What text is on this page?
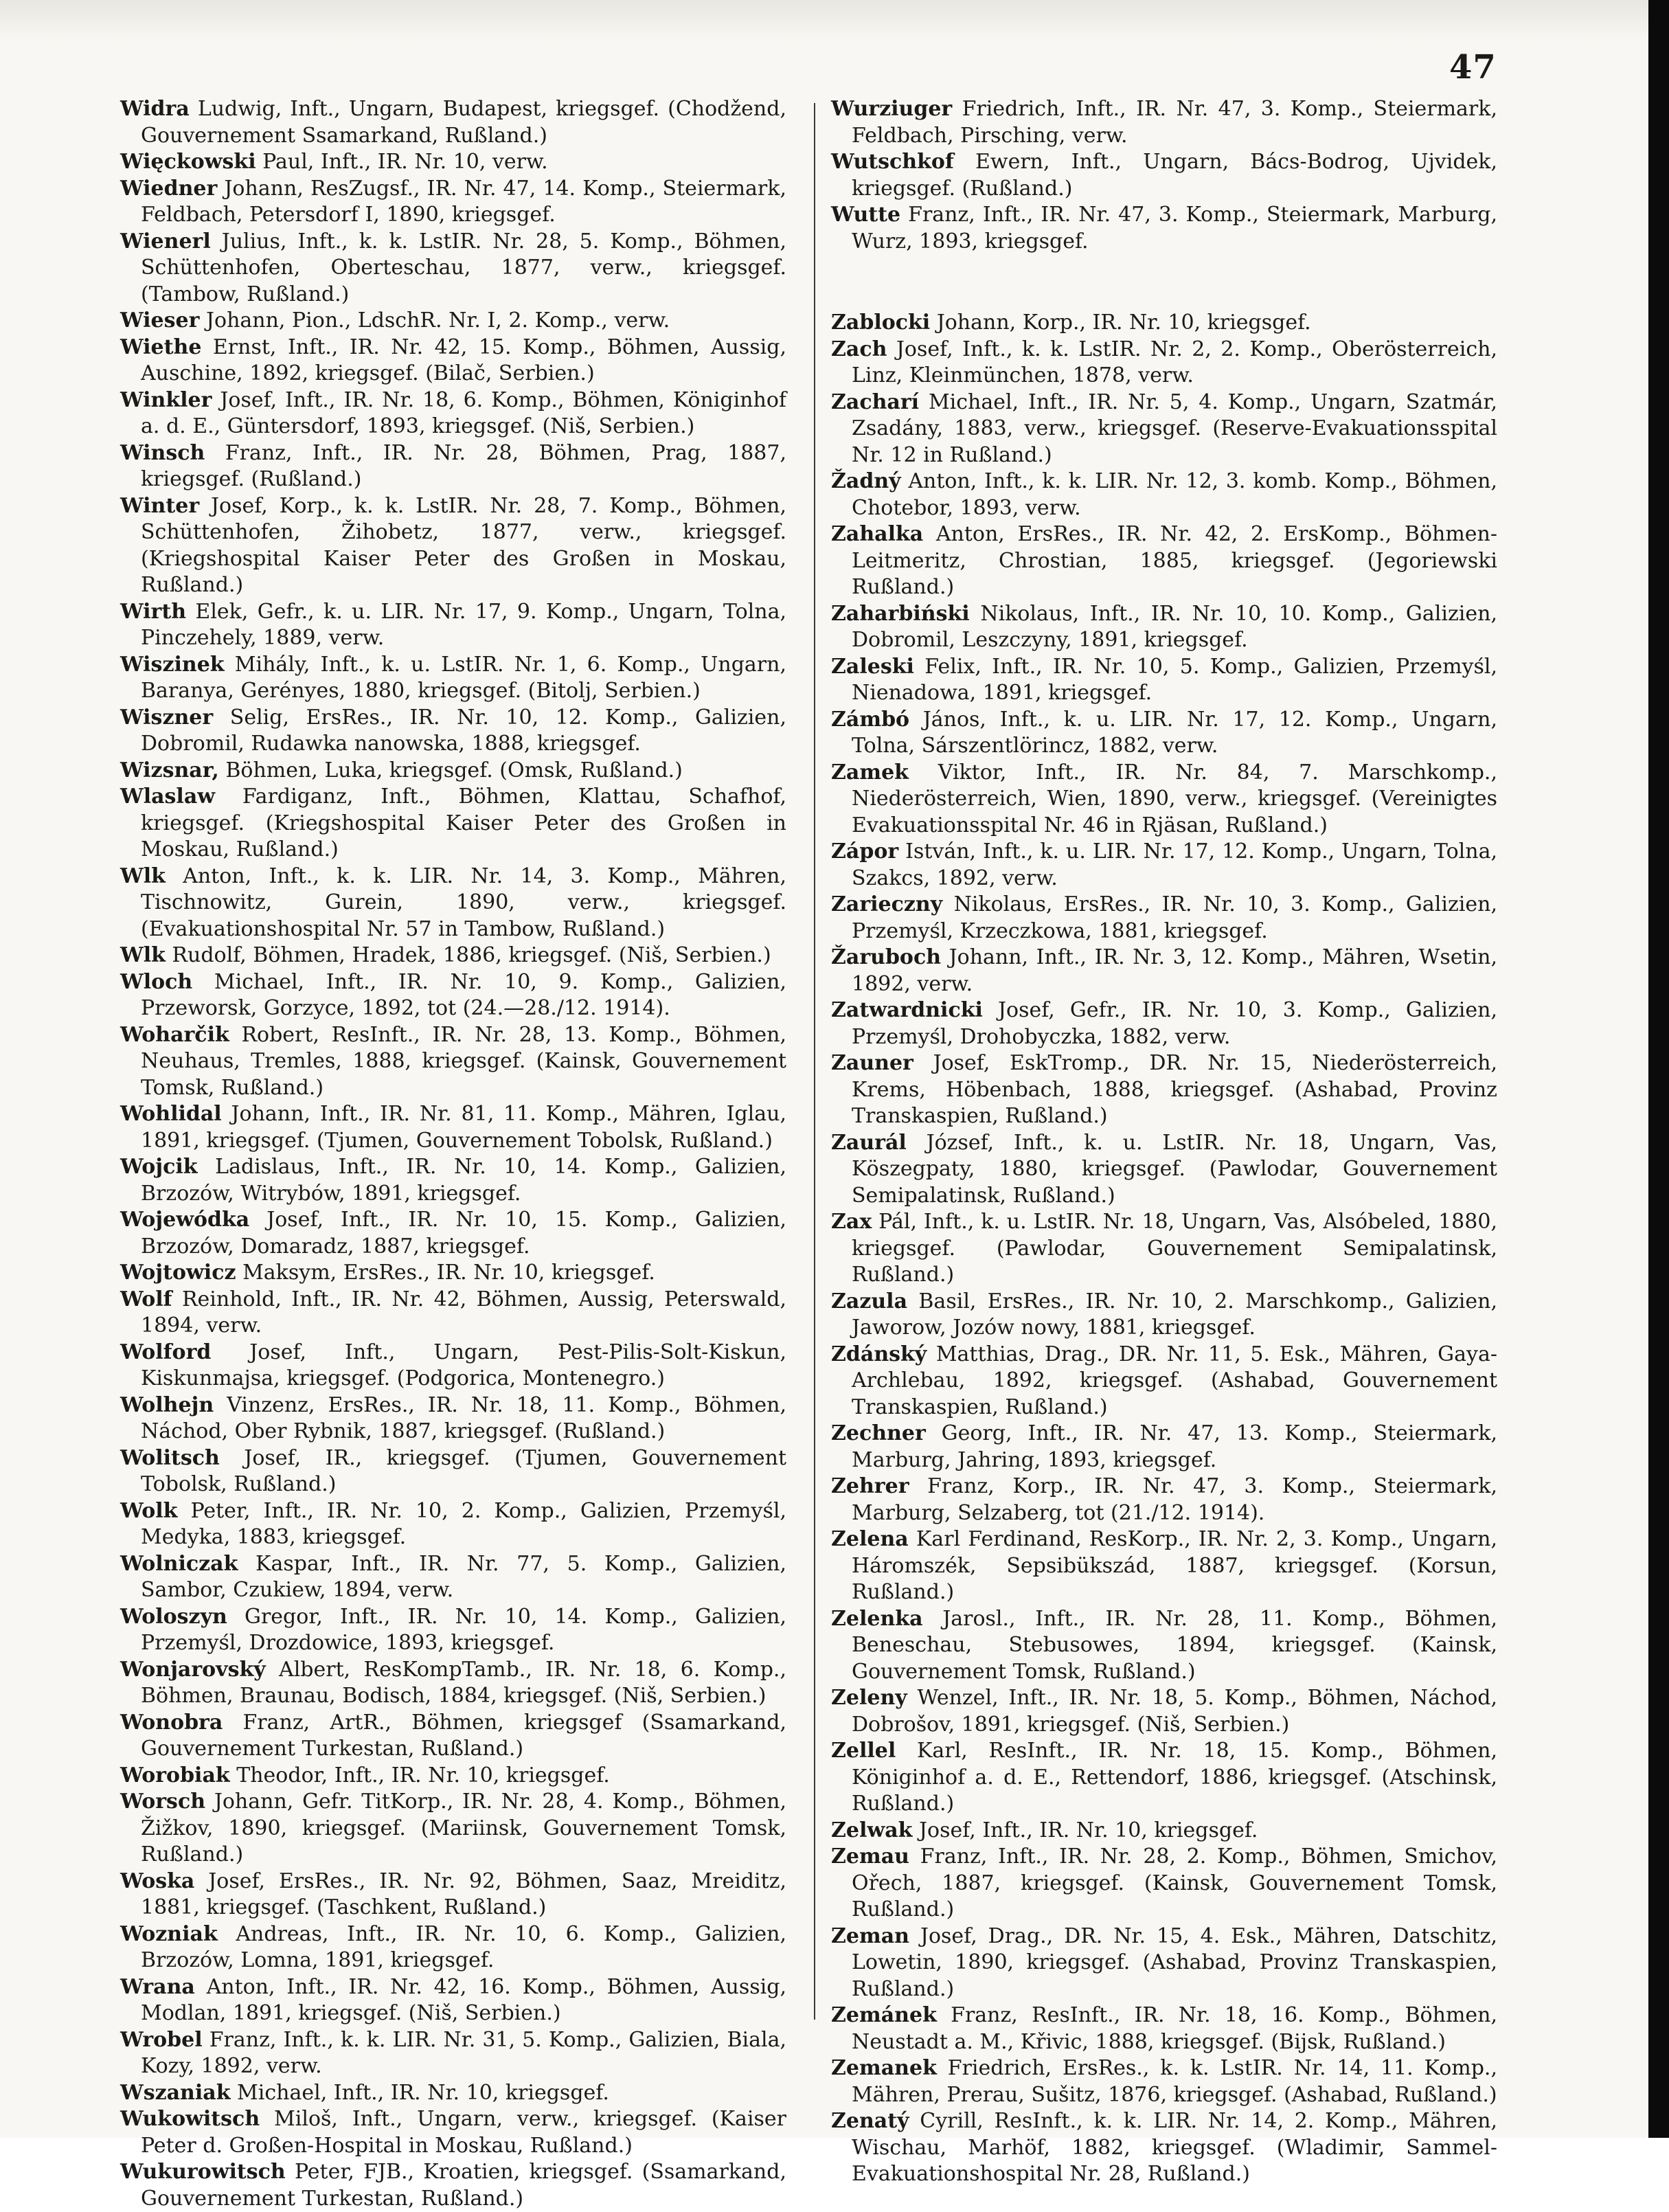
47
Widra Ludwig, Inft., Ungarn, Budapest, kriegsgef. (Chodžend, Gouvernement Ssamarkand, Rußland.)
Więckowski Paul, Inft., IR. Nr. 10, verw.
Wiedner Johann, ResZugsf., IR. Nr. 47, 14. Komp., Steiermark, Feldbach, Petersdorf I, 1890, kriegsgef.
Wienerl Julius, Inft., k. k. LstIR. Nr. 28, 5. Komp., Böhmen, Schüttenhofen, Oberteschau, 1877, verw., kriegsgef. (Tambow, Rußland.)
Wieser Johann, Pion., LdschR. Nr. I, 2. Komp., verw.
Wiethe Ernst, Inft., IR. Nr. 42, 15. Komp., Böhmen, Aussig, Auschine, 1892, kriegsgef. (Bilač, Serbien.)
Winkler Josef, Inft., IR. Nr. 18, 6. Komp., Böhmen, Königinhof a. d. E., Güntersdorf, 1893, kriegsgef. (Niš, Serbien.)
Winsch Franz, Inft., IR. Nr. 28, Böhmen, Prag, 1887, kriegsgef. (Rußland.)
Winter Josef, Korp., k. k. LstIR. Nr. 28, 7. Komp., Böhmen, Schüttenhofen, Žihobetz, 1877, verw., kriegsgef. (Kriegshospital Kaiser Peter des Großen in Moskau, Rußland.)
Wirth Elek, Gefr., k. u. LIR. Nr. 17, 9. Komp., Ungarn, Tolna, Pinczehely, 1889, verw.
Wiszinek Mihály, Inft., k. u. LstIR. Nr. 1, 6. Komp., Ungarn, Baranya, Gerényes, 1880, kriegsgef. (Bitolj, Serbien.)
Wiszner Selig, ErsRes., IR. Nr. 10, 12. Komp., Galizien, Dobromil, Rudawka nanowska, 1888, kriegsgef.
Wizsnar, Böhmen, Luka, kriegsgef. (Omsk, Rußland.)
Wlaslaw Fardiganz, Inft., Böhmen, Klattau, Schafhof, kriegsgef. (Kriegshospital Kaiser Peter des Großen in Moskau, Rußland.)
Wlk Anton, Inft., k. k. LIR. Nr. 14, 3. Komp., Mähren, Tischnowitz, Gurein, 1890, verw., kriegsgef. (Evakuationshospital Nr. 57 in Tambow, Rußland.)
Wlk Rudolf, Böhmen, Hradek, 1886, kriegsgef. (Niš, Serbien.)
Wloch Michael, Inft., IR. Nr. 10, 9. Komp., Galizien, Przeworsk, Gorzyce, 1892, tot (24.—28./12. 1914).
Woharčik Robert, ResInft., IR. Nr. 28, 13. Komp., Böhmen, Neuhaus, Tremles, 1888, kriegsgef. (Kainsk, Gouvernement Tomsk, Rußland.)
Wohlidal Johann, Inft., IR. Nr. 81, 11. Komp., Mähren, Iglau, 1891, kriegsgef. (Tjumen, Gouvernement Tobolsk, Rußland.)
Wojcik Ladislaus, Inft., IR. Nr. 10, 14. Komp., Galizien, Brzozów, Witrybów, 1891, kriegsgef.
Wojewódka Josef, Inft., IR. Nr. 10, 15. Komp., Galizien, Brzozów, Domaradz, 1887, kriegsgef.
Wojtowicz Maksym, ErsRes., IR. Nr. 10, kriegsgef.
Wolf Reinhold, Inft., IR. Nr. 42, Böhmen, Aussig, Peterswald, 1894, verw.
Wolford Josef, Inft., Ungarn, Pest-Pilis-Solt-Kiskun, Kiskunmajsa, kriegsgef. (Podgorica, Montenegro.)
Wolhejn Vinzenz, ErsRes., IR. Nr. 18, 11. Komp., Böhmen, Náchod, Ober Rybnik, 1887, kriegsgef. (Rußland.)
Wolitsch Josef, IR., kriegsgef. (Tjumen, Gouvernement Tobolsk, Rußland.)
Wolk Peter, Inft., IR. Nr. 10, 2. Komp., Galizien, Przemyśl, Medyka, 1883, kriegsgef.
Wolniczak Kaspar, Inft., IR. Nr. 77, 5. Komp., Galizien, Sambor, Czukiew, 1894, verw.
Woloszyn Gregor, Inft., IR. Nr. 10, 14. Komp., Galizien, Przemyśl, Drozdowice, 1893, kriegsgef.
Wonjarovský Albert, ResKompTamb., IR. Nr. 18, 6. Komp., Böhmen, Braunau, Bodisch, 1884, kriegsgef. (Niš, Serbien.)
Wonobra Franz, ArtR., Böhmen, kriegsgef (Ssamarkand, Gouvernement Turkestan, Rußland.)
Worobiak Theodor, Inft., IR. Nr. 10, kriegsgef.
Worsch Johann, Gefr. TitKorp., IR. Nr. 28, 4. Komp., Böhmen, Žižkov, 1890, kriegsgef. (Mariinsk, Gouvernement Tomsk, Rußland.)
Woska Josef, ErsRes., IR. Nr. 92, Böhmen, Saaz, Mreiditz, 1881, kriegsgef. (Taschkent, Rußland.)
Wozniak Andreas, Inft., IR. Nr. 10, 6. Komp., Galizien, Brzozów, Lomna, 1891, kriegsgef.
Wrana Anton, Inft., IR. Nr. 42, 16. Komp., Böhmen, Aussig, Modlan, 1891, kriegsgef. (Niš, Serbien.)
Wrobel Franz, Inft., k. k. LIR. Nr. 31, 5. Komp., Galizien, Biala, Kozy, 1892, verw.
Wszaniak Michael, Inft., IR. Nr. 10, kriegsgef.
Wukowitsch Miloš, Inft., Ungarn, verw., kriegsgef. (Kaiser Peter d. Großen-Hospital in Moskau, Rußland.)
Wukurowitsch Peter, FJB., Kroatien, kriegsgef. (Ssamarkand, Gouvernement Turkestan, Rußland.)
Wurziuger Friedrich, Inft., IR. Nr. 47, 3. Komp., Steiermark, Feldbach, Pirsching, verw.
Wutschkof Ewern, Inft., Ungarn, Bács-Bodrog, Ujvidek, kriegsgef. (Rußland.)
Wutte Franz, Inft., IR. Nr. 47, 3. Komp., Steiermark, Marburg, Wurz, 1893, kriegsgef.
Zablocki Johann, Korp., IR. Nr. 10, kriegsgef.
Zach Josef, Inft., k. k. LstIR. Nr. 2, 2. Komp., Oberösterreich, Linz, Kleinmünchen, 1878, verw.
Zacharí Michael, Inft., IR. Nr. 5, 4. Komp., Ungarn, Szatmár, Zsadány, 1883, verw., kriegsgef. (Reserve-Evakuationsspital Nr. 12 in Rußland.)
Žadný Anton, Inft., k. k. LIR. Nr. 12, 3. komb. Komp., Böhmen, Chotebor, 1893, verw.
Zahalka Anton, ErsRes., IR. Nr. 42, 2. ErsKomp., Böhmen-Leitmeritz, Chrostian, 1885, kriegsgef. (Jegoriewski Rußland.)
Zaharbiński Nikolaus, Inft., IR. Nr. 10, 10. Komp., Galizien, Dobromil, Leszczyny, 1891, kriegsgef.
Zaleski Felix, Inft., IR. Nr. 10, 5. Komp., Galizien, Przemyśl, Nienadowa, 1891, kriegsgef.
Zámbó János, Inft., k. u. LIR. Nr. 17, 12. Komp., Ungarn, Tolna, Sárszentlörincz, 1882, verw.
Zamek Viktor, Inft., IR. Nr. 84, 7. Marschkomp., Niederösterreich, Wien, 1890, verw., kriegsgef. (Vereinigtes Evakuationsspital Nr. 46 in Rjäsan, Rußland.)
Zápor István, Inft., k. u. LIR. Nr. 17, 12. Komp., Ungarn, Tolna, Szakcs, 1892, verw.
Zarieczny Nikolaus, ErsRes., IR. Nr. 10, 3. Komp., Galizien, Przemyśl, Krzeczkowa, 1881, kriegsgef.
Žaruboch Johann, Inft., IR. Nr. 3, 12. Komp., Mähren, Wsetin, 1892, verw.
Zatwardnicki Josef, Gefr., IR. Nr. 10, 3. Komp., Galizien, Przemyśl, Drohobyczka, 1882, verw.
Zauner Josef, EskTromp., DR. Nr. 15, Niederösterreich, Krems, Höbenbach, 1888, kriegsgef. (Ashabad, Provinz Transkaspien, Rußland.)
Zaurál József, Inft., k. u. LstIR. Nr. 18, Ungarn, Vas, Köszegpaty, 1880, kriegsgef. (Pawlodar, Gouvernement Semipalatinsk, Rußland.)
Zax Pál, Inft., k. u. LstIR. Nr. 18, Ungarn, Vas, Alsóbeled, 1880, kriegsgef. (Pawlodar, Gouvernement Semipalatinsk, Rußland.)
Zazula Basil, ErsRes., IR. Nr. 10, 2. Marschkomp., Galizien, Jaworow, Jozów nowy, 1881, kriegsgef.
Zdánský Matthias, Drag., DR. Nr. 11, 5. Esk., Mähren, Gaya-Archlebau, 1892, kriegsgef. (Ashabad, Gouvernement Transkaspien, Rußland.)
Zechner Georg, Inft., IR. Nr. 47, 13. Komp., Steiermark, Marburg, Jahring, 1893, kriegsgef.
Zehrer Franz, Korp., IR. Nr. 47, 3. Komp., Steiermark, Marburg, Selzaberg, tot (21./12. 1914).
Zelena Karl Ferdinand, ResKorp., IR. Nr. 2, 3. Komp., Ungarn, Háromszék, Sepsibükszád, 1887, kriegsgef. (Korsun, Rußland.)
Zelenka Jarosl., Inft., IR. Nr. 28, 11. Komp., Böhmen, Beneschau, Stebusowes, 1894, kriegsgef. (Kainsk, Gouvernement Tomsk, Rußland.)
Zeleny Wenzel, Inft., IR. Nr. 18, 5. Komp., Böhmen, Náchod, Dobrošov, 1891, kriegsgef. (Niš, Serbien.)
Zellel Karl, ResInft., IR. Nr. 18, 15. Komp., Böhmen, Königinhof a. d. E., Rettendorf, 1886, kriegsgef. (Atschinsk, Rußland.)
Zelwak Josef, Inft., IR. Nr. 10, kriegsgef.
Zemau Franz, Inft., IR. Nr. 28, 2. Komp., Böhmen, Smichov, Ořech, 1887, kriegsgef. (Kainsk, Gouvernement Tomsk, Rußland.)
Zeman Josef, Drag., DR. Nr. 15, 4. Esk., Mähren, Datschitz, Lowetin, 1890, kriegsgef. (Ashabad, Provinz Transkaspien, Rußland.)
Zemánek Franz, ResInft., IR. Nr. 18, 16. Komp., Böhmen, Neustadt a. M., Křivic, 1888, kriegsgef. (Bijsk, Rußland.)
Zemanek Friedrich, ErsRes., k. k. LstIR. Nr. 14, 11. Komp., Mähren, Prerau, Sušitz, 1876, kriegsgef. (Ashabad, Rußland.)
Zenatý Cyrill, ResInft., k. k. LIR. Nr. 14, 2. Komp., Mähren, Wischau, Marhöf, 1882, kriegsgef. (Wladimir, Sammel-Evakuationshospital Nr. 28, Rußland.)
